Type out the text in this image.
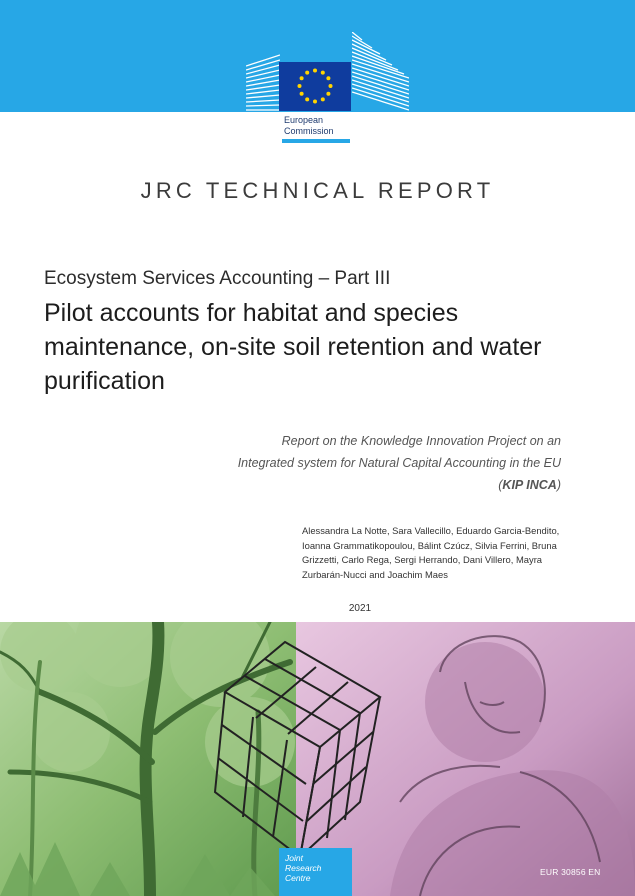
European
Commission
JRC TECHNICAL REPORT
Ecosystem Services Accounting – Part III
Pilot accounts for habitat and species maintenance, on-site soil retention and water purification
Report on the Knowledge Innovation Project on an
Integrated system for Natural Capital Accounting in the EU
(KIP INCA)
Alessandra La Notte, Sara Vallecillo, Eduardo Garcia-Bendito, Ioanna Grammatikopoulou, Bálint Czúcz, Silvia Ferrini, Bruna Grizzetti, Carlo Rega, Sergi Herrando, Dani Villero, Mayra Zurbarán-Nucci and Joachim Maes
2021
Joint
Research
Centre
EUR 30856 EN
